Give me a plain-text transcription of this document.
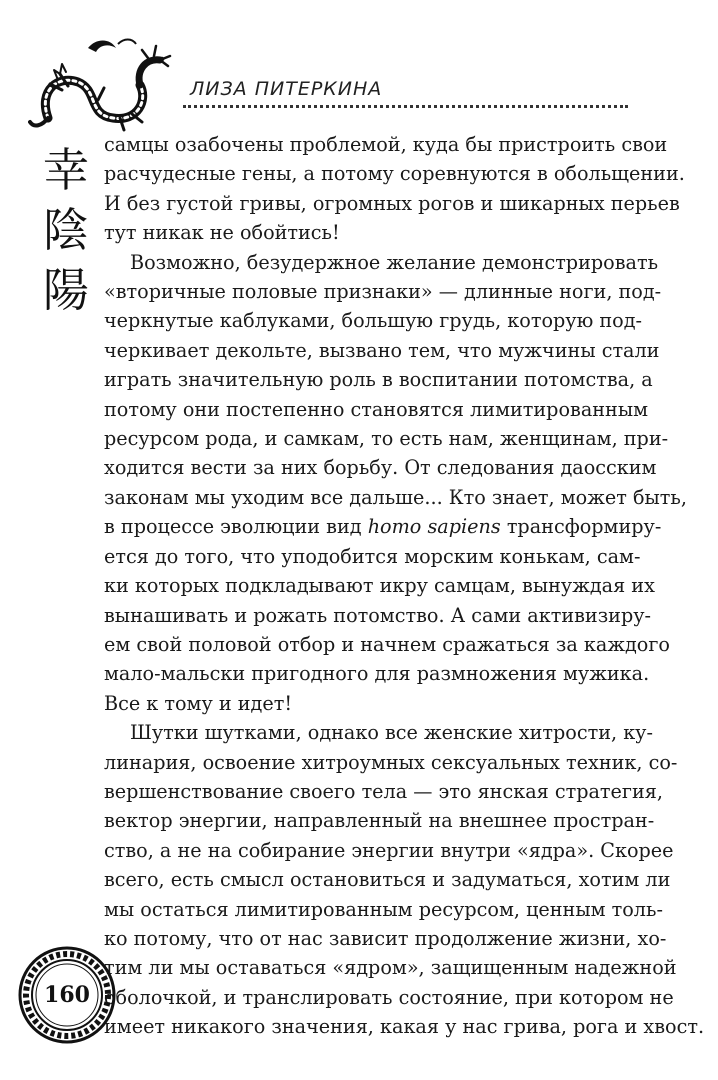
ЛИЗА ПИТЕРКИНА
幸
陰
陽

самцы озабочены проблемой, куда бы пристроить свои
расчудесные гены, а потому соревнуются в обольщении.
И без густой гривы, огромных рогов и шикарных перьев
тут никак не обойтись!

Возможно, безудержное желание демонстрировать
«вторичные половые признаки» — длинные ноги, под-
черкнутые каблуками, большую грудь, которую под-
черкивает декольте, вызвано тем, что мужчины стали
играть значительную роль в воспитании потомства, а
потому они постепенно становятся лимитированным
ресурсом рода, и самкам, то есть нам, женщинам, при-
ходится вести за них борьбу. От следования даосским
законам мы уходим все дальше... Кто знает, может быть,
в процессе эволюции вид homo sapiens трансформиру-
ется до того, что уподобится морским конькам, сам-
ки которых подкладывают икру самцам, вынуждая их
вынашивать и рожать потомство. А сами активизиру-
ем свой половой отбор и начнем сражаться за каждого
мало-мальски пригодного для размножения мужика.
Все к тому и идет!

Шутки шутками, однако все женские хитрости, ку-
линария, освоение хитроумных сексуальных техник, со-
вершенствование своего тела — это янская стратегия,
вектор энергии, направленный на внешнее простран-
ство, а не на собирание энергии внутри «ядра». Скорее
всего, есть смысл остановиться и задуматься, хотим ли
мы остаться лимитированным ресурсом, ценным толь-
ко потому, что от нас зависит продолжение жизни, хо-
тим ли мы оставаться «ядром», защищенным надежной
оболочкой, и транслировать состояние, при котором не
имеет никакого значения, какая у нас грива, рога и хвост.

160
